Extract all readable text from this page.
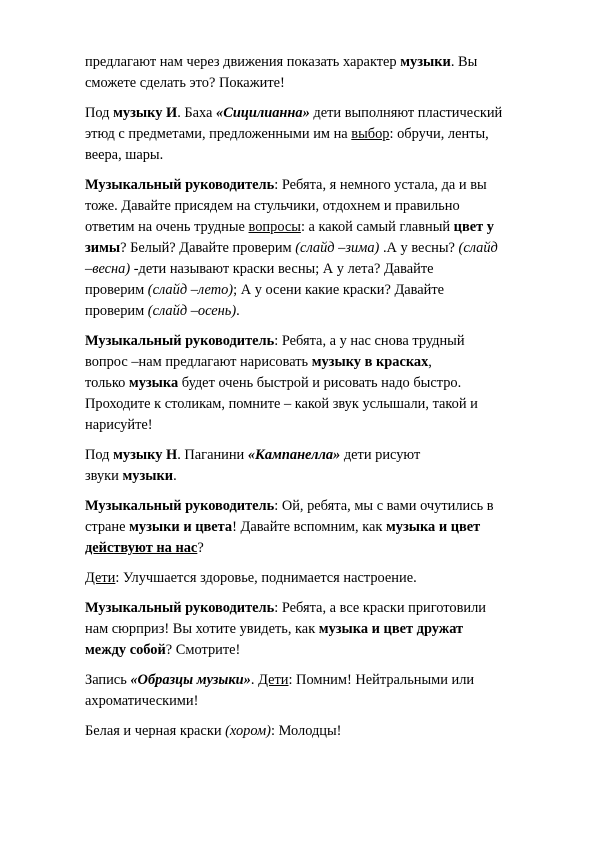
предлагают нам через движения показать характер музыки. Вы
сможете сделать это? Покажите!
Под музыку И. Баха «Сицилианна» дети выполняют пластический
этюд с предметами, предложенными им на выбор: обручи, ленты,
веера, шары.
Музыкальный руководитель: Ребята, я немного устала, да и вы
тоже. Давайте присядем на стульчики, отдохнем и правильно
ответим на очень трудные вопросы: а какой самый главный цвет у
зимы? Белый? Давайте проверим (слайд –зима) .А у весны? (слайд
–весна) -дети называют краски весны; А у лета? Давайте
проверим (слайд –лето); А у осени какие краски? Давайте
проверим (слайд –осень).
Музыкальный руководитель: Ребята, а у нас снова трудный
вопрос –нам предлагают нарисовать музыку в красках,
только музыка будет очень быстрой и рисовать надо быстро.
Проходите к столикам, помните – какой звук услышали, такой и
нарисуйте!
Под музыку Н. Паганини «Кампанелла» дети рисуют
звуки музыки.
Музыкальный руководитель: Ой, ребята, мы с вами очутились в
стране музыки и цвета! Давайте вспомним, как музыка и цвет
действуют на нас?
Дети: Улучшается здоровье, поднимается настроение.
Музыкальный руководитель: Ребята, а все краски приготовили
нам сюрприз! Вы хотите увидеть, как музыка и цвет дружат
между собой? Смотрите!
Запись «Образцы музыки». Дети: Помним! Нейтральными или
ахроматическими!
Белая и черная краски (хором): Молодцы!
